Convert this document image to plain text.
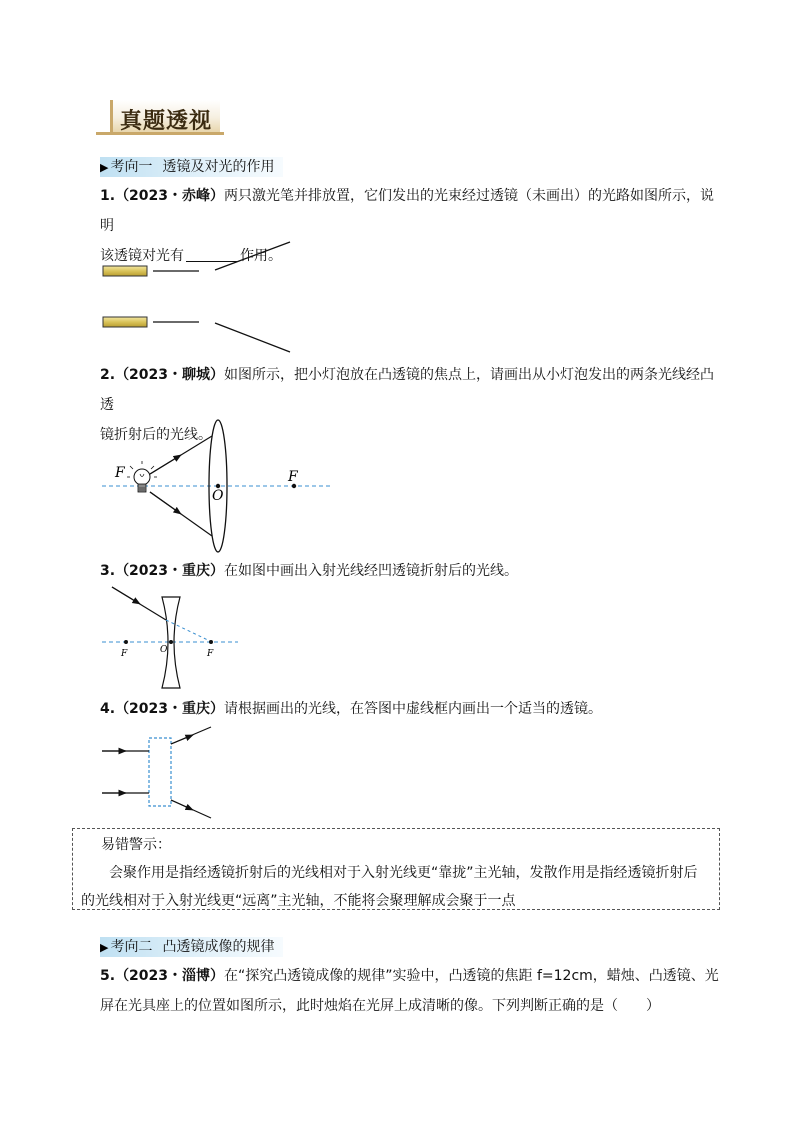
真题透视
▶ 考向一 透镜及对光的作用
1.（2023・赤峰）两只激光笔并排放置，它们发出的光束经过透镜（未画出）的光路如图所示，说明
该透镜对光有	作用。
2.（2023・聊城）如图所示，把小灯泡放在凸透镜的焦点上，请画出从小灯泡发出的两条光线经凸透
镜折射后的光线。
F
O
F
3.（2023・重庆）在如图中画出入射光线经凹透镜折射后的光线。
F	O	F
4.（2023・重庆）请根据画出的光线，在答图中虚线框内画出一个适当的透镜。

易错警示：

会聚作用是指经透镜折射后的光线相对于入射光线更“靠拢”主光轴，发散作用是指经透镜折射后

的光线相对于入射光线更“远离”主光轴，不能将会聚理解成会聚于一点

▶ 考向二 凸透镜成像的规律
5.（2023・淄博）在“探究凸透镜成像的规律”实验中，凸透镜的焦距 f=12cm，蜡烛、凸透镜、光
屏在光具座上的位置如图所示，此时烛焰在光屏上成清晰的像。下列判断正确的是（　　）
